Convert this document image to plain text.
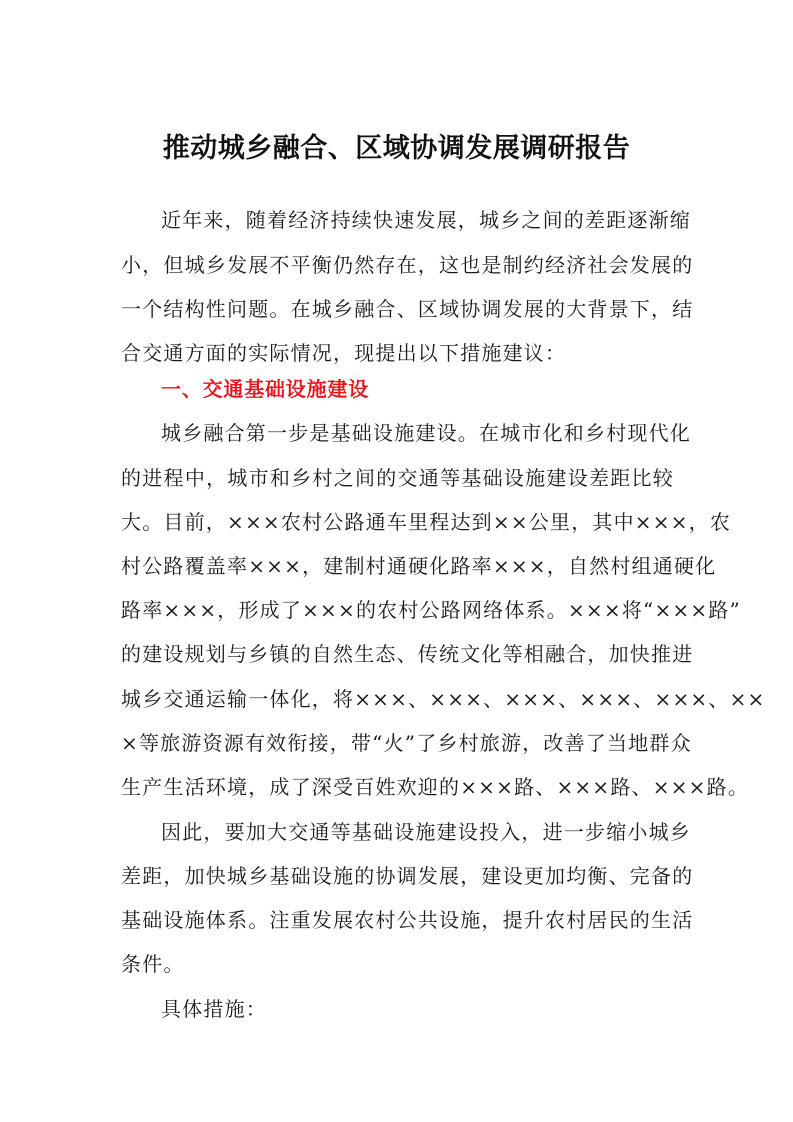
推动城乡融合、区域协调发展调研报告

近年来，随着经济持续快速发展，城乡之间的差距逐渐缩

小，但城乡发展不平衡仍然存在，这也是制约经济社会发展的

一个结构性问题。在城乡融合、区域协调发展的大背景下，结

合交通方面的实际情况，现提出以下措施建议：

一、交通基础设施建设

城乡融合第一步是基础设施建设。在城市化和乡村现代化

的进程中，城市和乡村之间的交通等基础设施建设差距比较

大。目前，×××农村公路通车里程达到××公里，其中×××，农

村公路覆盖率×××，建制村通硬化路率×××，自然村组通硬化

路率×××，形成了×××的农村公路网络体系。×××将“×××路”

的建设规划与乡镇的自然生态、传统文化等相融合，加快推进

城乡交通运输一体化，将×××、×××、×××、×××、×××、××

×等旅游资源有效衔接，带“火”了乡村旅游，改善了当地群众

生产生活环境，成了深受百姓欢迎的×××路、×××路、×××路。

因此，要加大交通等基础设施建设投入，进一步缩小城乡

差距，加快城乡基础设施的协调发展，建设更加均衡、完备的

基础设施体系。注重发展农村公共设施，提升农村居民的生活

条件。

具体措施：
